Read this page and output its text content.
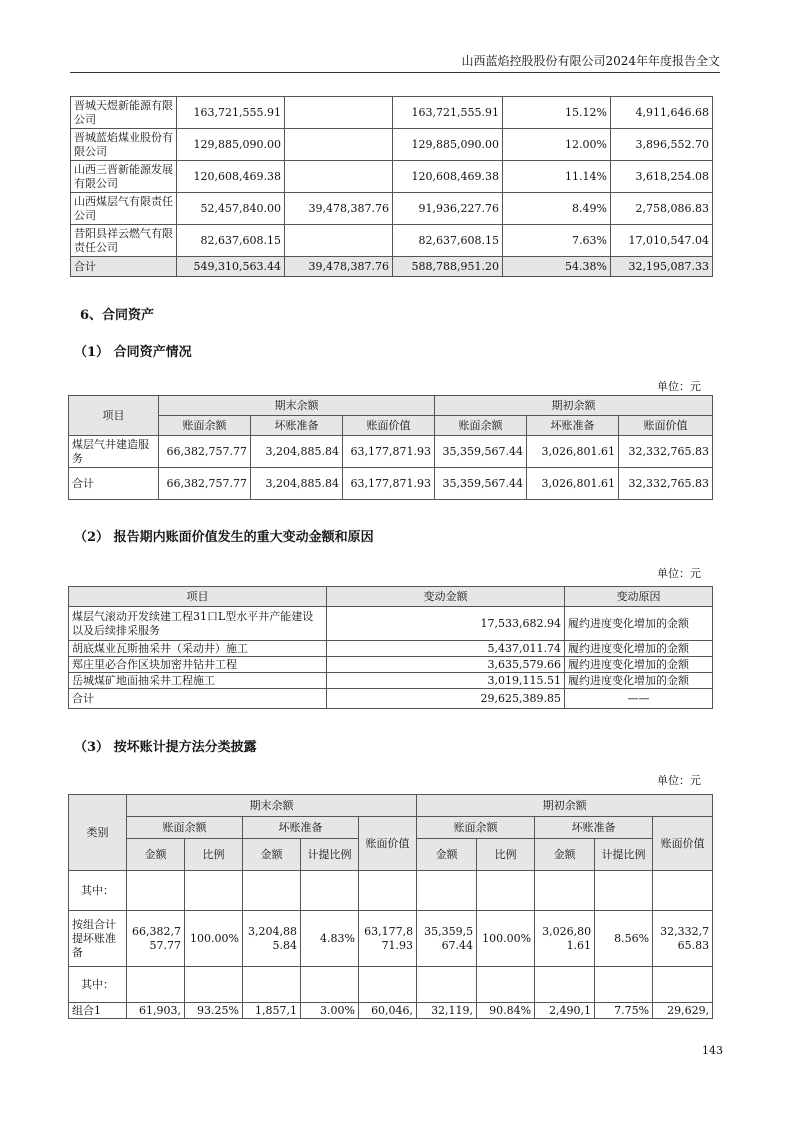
山西蓝焰控股股份有限公司2024年年度报告全文
晋城天煜新能源有限公司	163,721,555.91		163,721,555.91	15.12%	4,911,646.68
晋城蓝焰煤业股份有限公司	129,885,090.00		129,885,090.00	12.00%	3,896,552.70
山西三晋新能源发展有限公司	120,608,469.38		120,608,469.38	11.14%	3,618,254.08
山西煤层气有限责任公司	52,457,840.00	39,478,387.76	91,936,227.76	8.49%	2,758,086.83
昔阳县祥云燃气有限责任公司	82,637,608.15		82,637,608.15	7.63%	17,010,547.04
合计	549,310,563.44	39,478,387.76	588,788,951.20	54.38%	32,195,087.33
6、合同资产
（1） 合同资产情况
单位：元
项目	期末余额			期初余额		
	账面余额	坏账准备	账面价值	账面余额	坏账准备	账面价值
煤层气井建造服务	66,382,757.77	3,204,885.84	63,177,871.93	35,359,567.44	3,026,801.61	32,332,765.83
合计	66,382,757.77	3,204,885.84	63,177,871.93	35,359,567.44	3,026,801.61	32,332,765.83
（2） 报告期内账面价值发生的重大变动金额和原因
单位：元
项目	变动金额	变动原因
煤层气滚动开发续建工程31口L型水平井产能建设以及后续排采服务	17,533,682.94	履约进度变化增加的金额
胡底煤业瓦斯抽采井（采动井）施工	5,437,011.74	履约进度变化增加的金额
郑庄里必合作区块加密井钻井工程	3,635,579.66	履约进度变化增加的金额
岳城煤矿地面抽采井工程施工	3,019,115.51	履约进度变化增加的金额
合计	29,625,389.85	——
（3） 按坏账计提方法分类披露
单位：元
类别	期末余额					期初余额				
	账面余额		坏账准备		账面价值	账面余额		坏账准备		账面价值
	金额	比例	金额	计提比例		金额	比例	金额	计提比例	
其中：										
按组合计提坏账准备	66,382,757.77	100.00%	3,204,885.84	4.83%	63,177,871.93	35,359,567.44	100.00%	3,026,801.61	8.56%	32,332,765.83
其中：										
组合1	61,903,	93.25%	1,857,1	3.00%	60,046,	32,119,	90.84%	2,490,1	7.75%	29,629,
143
